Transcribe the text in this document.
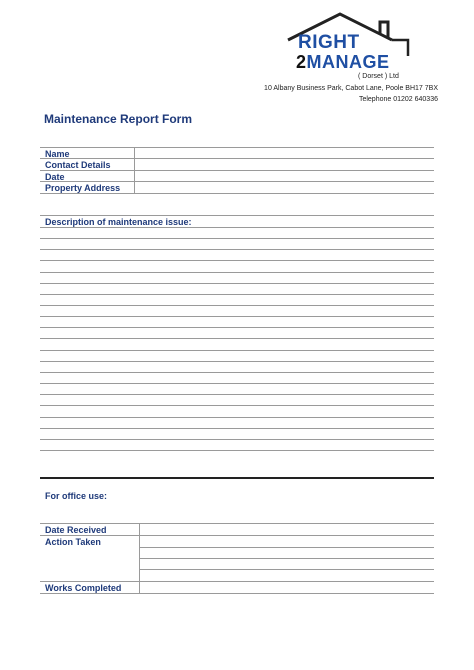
RIGHT
2MANAGE
( Dorset ) Ltd
10 Albany Business Park, Cabot Lane, Poole BH17 7BX
Telephone 01202 640336
Maintenance Report Form
Name
Contact Details
Date
Property Address
Description of maintenance issue:
For office use:
Date Received
Action Taken
Works Completed
